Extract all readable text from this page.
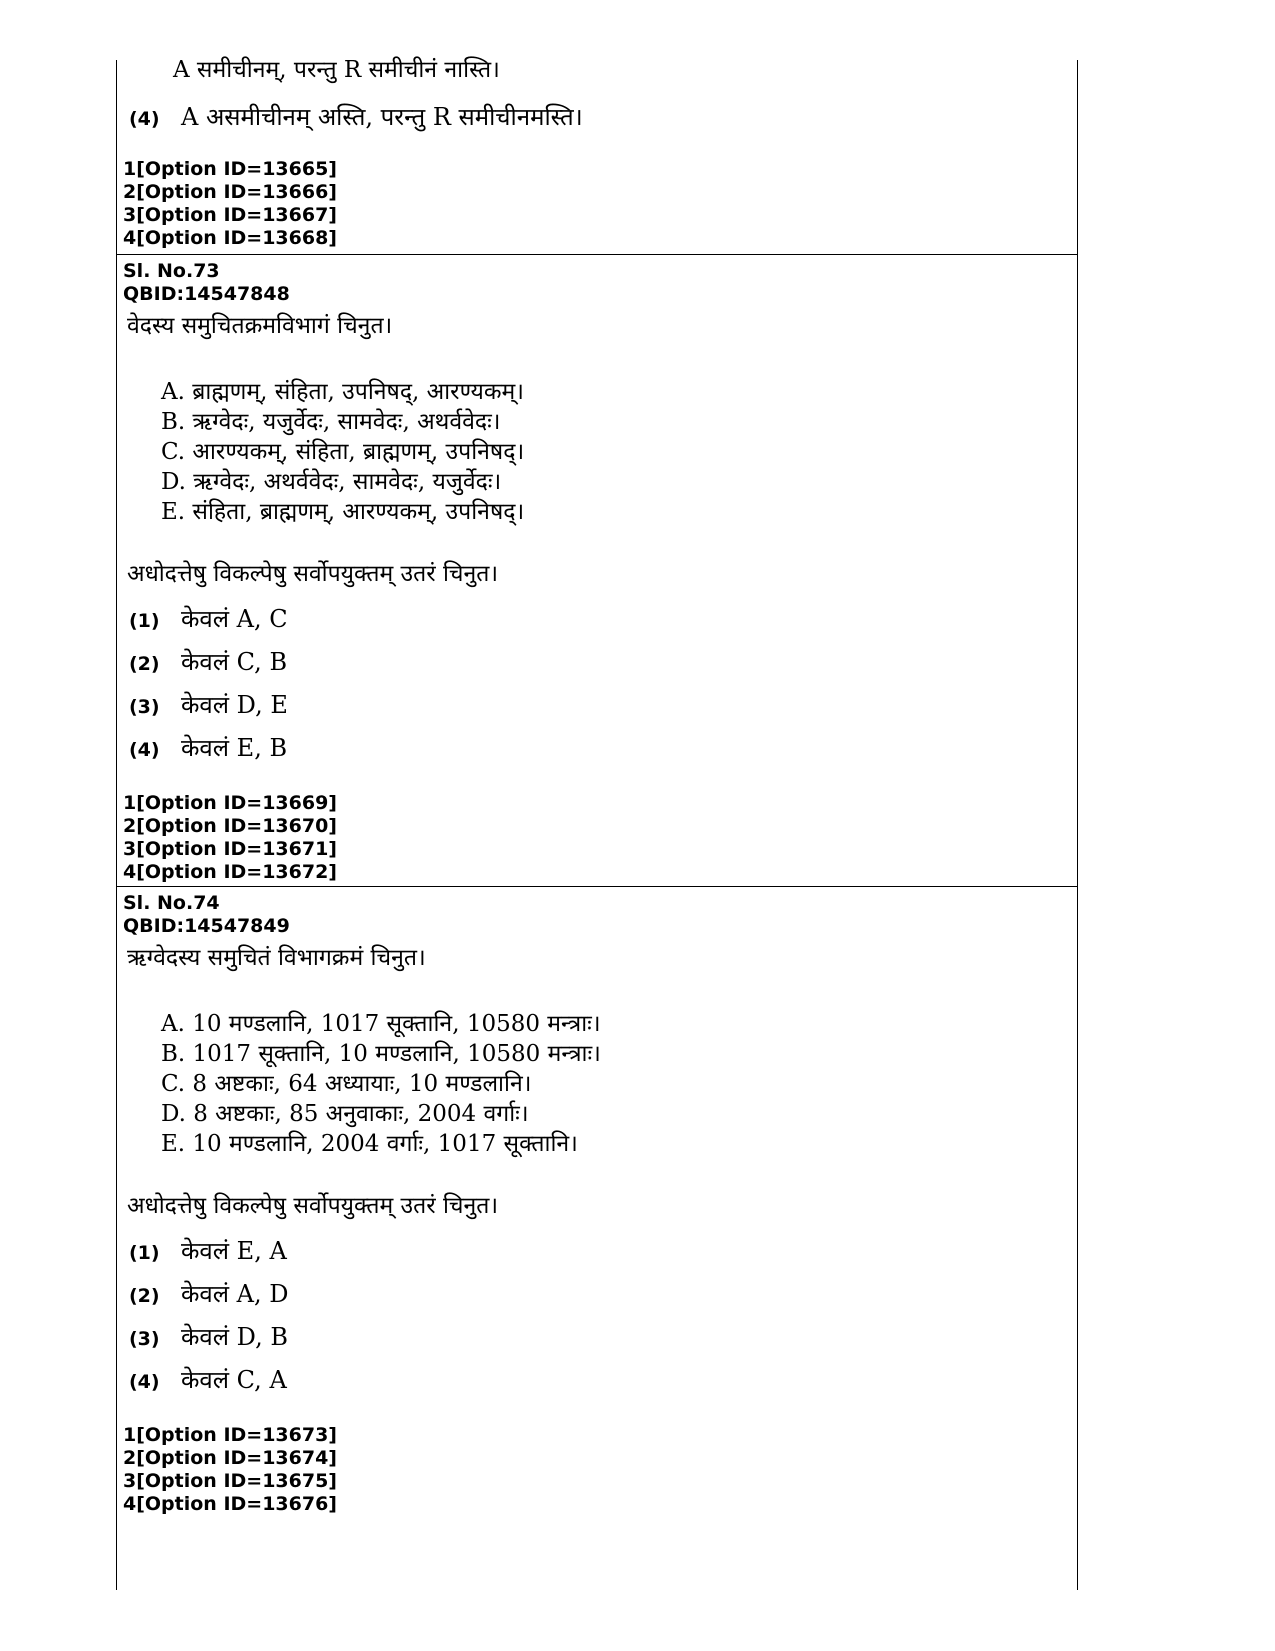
A समीचीनम्, परन्तु R समीचीनं नास्ति।
(4) A असमीचीनम् अस्ति, परन्तु R समीचीनमस्ति।
1[Option ID=13665]
2[Option ID=13666]
3[Option ID=13667]
4[Option ID=13668]
Sl. No.73
QBID:14547848
वेदस्य समुचितक्रमविभागं चिनुत।
A. ब्राह्मणम्, संहिता, उपनिषद्, आरण्यकम्।
B. ऋग्वेदः, यजुर्वेदः, सामवेदः, अथर्ववेदः।
C. आरण्यकम्, संहिता, ब्राह्मणम्, उपनिषद्।
D. ऋग्वेदः, अथर्ववेदः, सामवेदः, यजुर्वेदः।
E. संहिता, ब्राह्मणम्, आरण्यकम्, उपनिषद्।
अधोदत्तेषु विकल्पेषु सर्वोपयुक्तम् उतरं चिनुत।
(1) केवलं A, C
(2) केवलं C, B
(3) केवलं D, E
(4) केवलं E, B
1[Option ID=13669]
2[Option ID=13670]
3[Option ID=13671]
4[Option ID=13672]
Sl. No.74
QBID:14547849
ऋग्वेदस्य समुचितं विभागक्रमं चिनुत।
A. 10 मण्डलानि, 1017 सूक्तानि, 10580 मन्त्राः।
B. 1017 सूक्तानि, 10 मण्डलानि, 10580 मन्त्राः।
C. 8 अष्टकाः, 64 अध्यायाः, 10 मण्डलानि।
D. 8 अष्टकाः, 85 अनुवाकाः, 2004 वर्गाः।
E. 10 मण्डलानि, 2004 वर्गाः, 1017 सूक्तानि।
अधोदत्तेषु विकल्पेषु सर्वोपयुक्तम् उतरं चिनुत।
(1) केवलं E, A
(2) केवलं A, D
(3) केवलं D, B
(4) केवलं C, A
1[Option ID=13673]
2[Option ID=13674]
3[Option ID=13675]
4[Option ID=13676]
